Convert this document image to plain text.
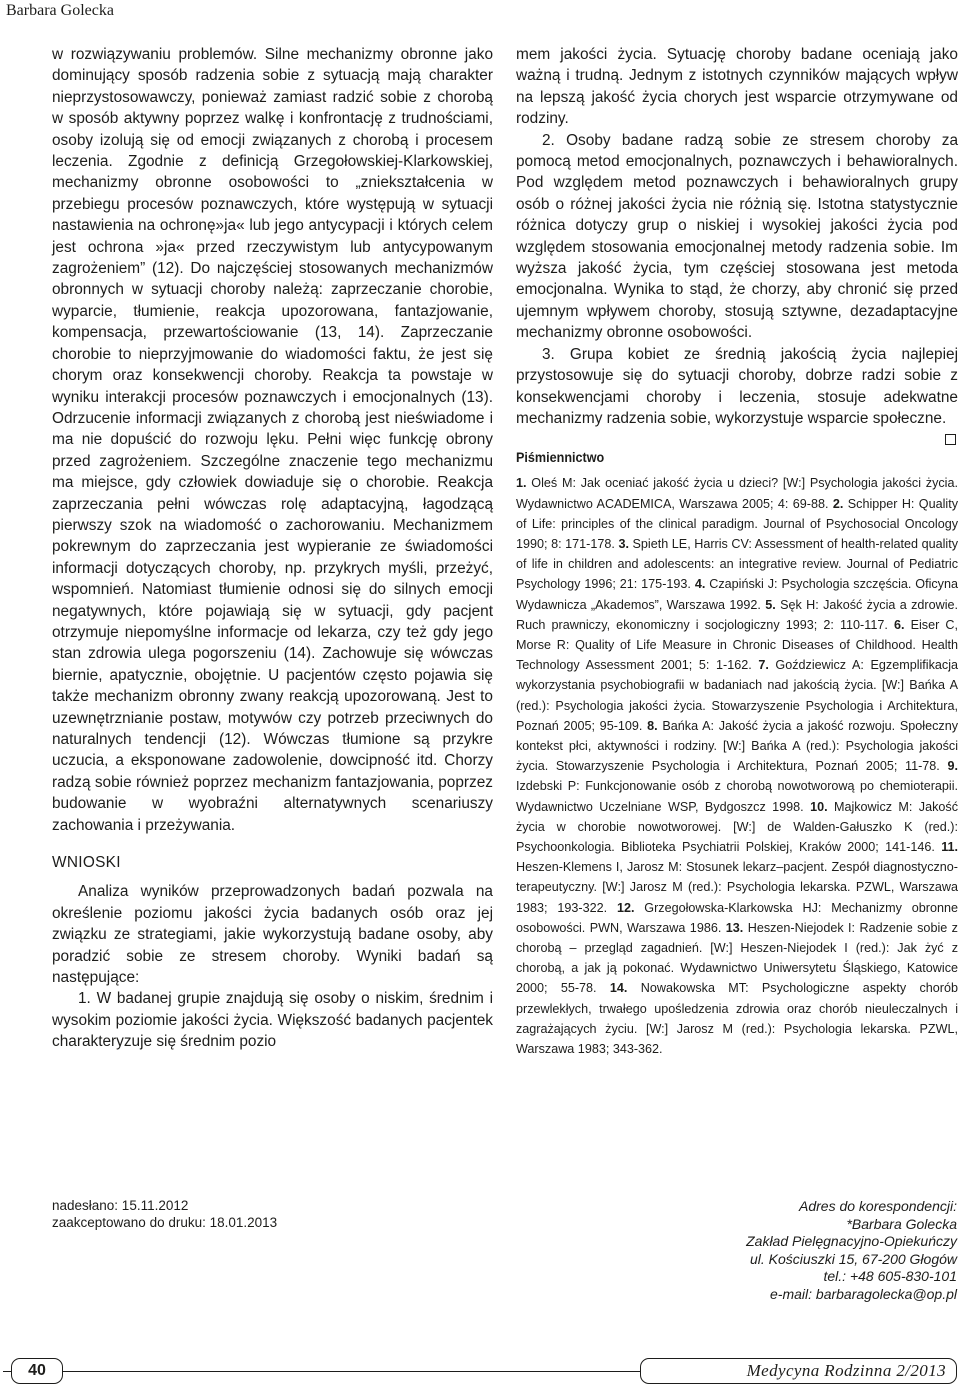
Barbara Golecka

w rozwiązywaniu problemów. Silne mechanizmy obronne jako dominujący sposób radzenia sobie z sytuacją mają charakter nieprzystosowawczy, ponieważ zamiast radzić sobie z chorobą w sposób aktywny poprzez walkę i konfrontację z trudnościami, osoby izolują się od emocji związanych z chorobą i procesem leczenia. Zgodnie z definicją Grzegołowskiej-Klarkowskiej, mechanizmy obronne osobowości to „zniekształcenia w przebiegu procesów poznawczych, które występują w sytuacji nastawienia na ochronę»ja« lub jego antycypacji i których celem jest ochrona »ja« przed rzeczywistym lub antycypowanym zagrożeniem” (12). Do najczęściej stosowanych mechanizmów obronnych w sytuacji choroby należą: zaprzeczanie chorobie, wyparcie, tłumienie, reakcja upozorowana, fantazjowanie, kompensacja, przewartościowanie (13, 14). Zaprzeczanie chorobie to nieprzyjmowanie do wiadomości faktu, że jest się chorym oraz konsekwencji choroby. Reakcja ta powstaje w wyniku interakcji procesów poznawczych i emocjonalnych (13). Odrzucenie informacji związanych z chorobą jest nieświadome i ma nie dopuścić do rozwoju lęku. Pełni więc funkcję obrony przed zagrożeniem. Szczególne znaczenie tego mechanizmu ma miejsce, gdy człowiek dowiaduje się o chorobie. Reakcja zaprzeczania pełni wówczas rolę adaptacyjną, łagodzącą pierwszy szok na wiadomość o zachorowaniu. Mechanizmem pokrewnym do zaprzeczania jest wypieranie ze świadomości informacji dotyczących choroby, np. przykrych myśli, przeżyć, wspomnień. Natomiast tłumienie odnosi się do silnych emocji negatywnych, które pojawiają się w sytuacji, gdy pacjent otrzymuje niepomyślne informacje od lekarza, czy też gdy jego stan zdrowia ulega pogorszeniu (14). Zachowuje się wówczas biernie, apatycznie, obojętnie. U pacjentów często pojawia się także mechanizm obronny zwany reakcją upozorowaną. Jest to uzewnętrznianie postaw, motywów czy potrzeb przeciwnych do naturalnych tendencji (12). Wówczas tłumione są przykre uczucia, a eksponowane zadowolenie, dowcipność itd. Chorzy radzą sobie również poprzez mechanizm fantazjowania, poprzez budowanie w wyobraźni alternatywnych scenariuszy zachowania i przeżywania.

WNIOSKI

Analiza wyników przeprowadzonych badań pozwala na określenie poziomu jakości życia badanych osób oraz jej związku ze strategiami, jakie wykorzystują badane osoby, aby poradzić sobie ze stresem choroby. Wyniki badań są następujące:

1. W badanej grupie znajdują się osoby o niskim, średnim i wysokim poziomie jakości życia. Większość badanych pacjentek charakteryzuje się średnim pozio

mem jakości życia. Sytuację choroby badane oceniają jako ważną i trudną. Jednym z istotnych czynników mających wpływ na lepszą jakość życia chorych jest wsparcie otrzymywane od rodziny.

2. Osoby badane radzą sobie ze stresem choroby za pomocą metod emocjonalnych, poznawczych i behawioralnych. Pod względem metod poznawczych i behawioralnych grupy osób o różnej jakości życia nie różnią się. Istotna statystycznie różnica dotyczy grup o niskiej i wysokiej jakości życia pod względem stosowania emocjonalnej metody radzenia sobie. Im wyższa jakość życia, tym częściej stosowana jest metoda emocjonalna. Wynika to stąd, że chorzy, aby chronić się przed ujemnym wpływem choroby, stosują sztywne, dezadaptacyjne mechanizmy obronne osobowości.

3. Grupa kobiet ze średnią jakością życia najlepiej przystosowuje się do sytuacji choroby, dobrze radzi sobie z konsekwencjami choroby i leczenia, stosuje adekwatne mechanizmy radzenia sobie, wykorzystuje wsparcie społeczne.

Piśmiennictwo
1. Oleś M: Jak oceniać jakość życia u dzieci? [W:] Psychologia jakości życia. Wydawnictwo ACADEMICA, Warszawa 2005; 4: 69-88. 2. Schipper H: Quality of Life: principles of the clinical paradigm. Journal of Psychosocial Oncology 1990; 8: 171-178. 3. Spieth LE, Harris CV: Assessment of health-related quality of life in children and adolescents: an integrative review. Journal of Pediatric Psychology 1996; 21: 175-193. 4. Czapiński J: Psychologia szczęścia. Oficyna Wydawnicza „Akademos”, Warszawa 1992. 5. Sęk H: Jakość życia a zdrowie. Ruch prawniczy, ekonomiczny i socjologiczny 1993; 2: 110-117. 6. Eiser C, Morse R: Quality of Life Measure in Chronic Diseases of Childhood. Health Technology Assessment 2001; 5: 1-162. 7. Goździewicz A: Egzemplifikacja wykorzystania psychobiografii w badaniach nad jakością życia. [W:] Bańka A (red.): Psychologia jakości życia. Stowarzyszenie Psychologia i Architektura, Poznań 2005; 95-109. 8. Bańka A: Jakość życia a jakość rozwoju. Społeczny kontekst płci, aktywności i rodziny. [W:] Bańka A (red.): Psychologia jakości życia. Stowarzyszenie Psychologia i Architektura, Poznań 2005; 11-78. 9. Izdebski P: Funkcjonowanie osób z chorobą nowotworową po chemioterapii. Wydawnictwo Uczelniane WSP, Bydgoszcz 1998. 10. Majkowicz M: Jakość życia w chorobie nowotworowej. [W:] de Walden-Gałuszko K (red.): Psychoonkologia. Biblioteka Psychiatrii Polskiej, Kraków 2000; 141-146. 11. Heszen-Klemens I, Jarosz M: Stosunek lekarz–pacjent. Zespół diagnostyczno-terapeutyczny. [W:] Jarosz M (red.): Psychologia lekarska. PZWL, Warszawa 1983; 193-322. 12. Grzegołowska-Klarkowska HJ: Mechanizmy obronne osobowości. PWN, Warszawa 1986. 13. Heszen-Niejodek I: Radzenie sobie z chorobą – przegląd zagadnień. [W:] Heszen-Niejodek I (red.): Jak żyć z chorobą, a jak ją pokonać. Wydawnictwo Uniwersytetu Śląskiego, Katowice 2000; 55-78. 14. Nowakowska MT: Psychologiczne aspekty chorób przewlekłych, trwałego upośledzenia zdrowia oraz chorób nieuleczalnych i zagrażających życiu. [W:] Jarosz M (red.): Psychologia lekarska. PZWL, Warszawa 1983; 343-362.
nadesłano: 15.11.2012
zaakceptowano do druku: 18.01.2013
Adres do korespondencji:
*Barbara Golecka
Zakład Pielęgnacyjno-Opiekuńczy
ul. Kościuszki 15, 67-200 Głogów
tel.: +48 605-830-101
e-mail: barbaragolecka@op.pl
40	Medycyna Rodzinna 2/2013
